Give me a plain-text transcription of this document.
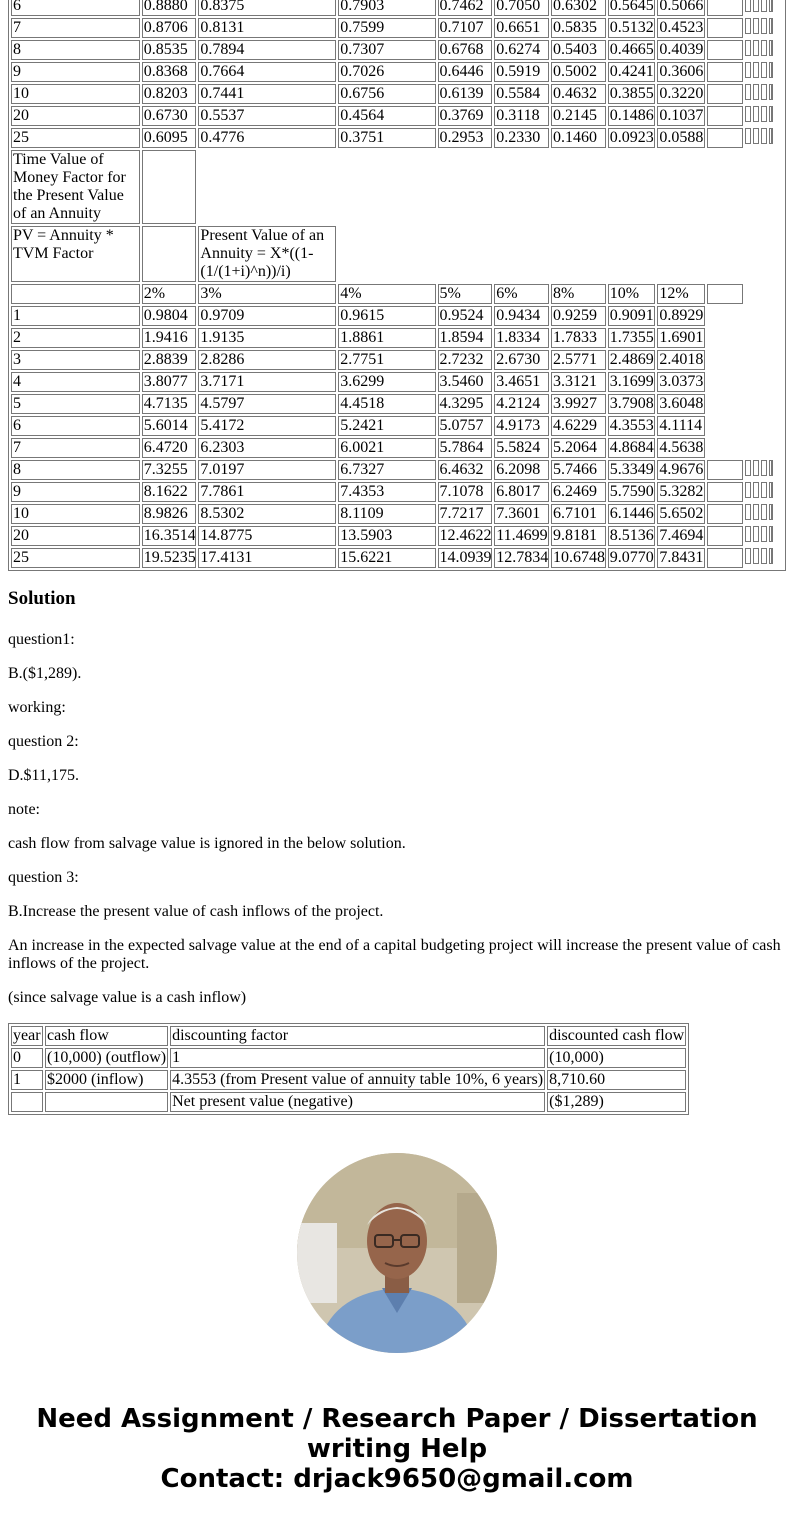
6	0.8880	0.8375	0.7903	0.7462	0.7050	0.6302	0.5645	0.5066		

7	0.8706	0.8131	0.7599	0.7107	0.6651	0.5835	0.5132	0.4523		

8	0.8535	0.7894	0.7307	0.6768	0.6274	0.5403	0.4665	0.4039		

9	0.8368	0.7664	0.7026	0.6446	0.5919	0.5002	0.4241	0.3606		

10	0.8203	0.7441	0.6756	0.6139	0.5584	0.4632	0.3855	0.3220		

20	0.6730	0.5537	0.4564	0.3769	0.3118	0.2145	0.1486	0.1037		

25	0.6095	0.4776	0.3751	0.2953	0.2330	0.1460	0.0923	0.0588		

Time Value of Money Factor for the Present Value of an Annuity										
PV = Annuity * TVM Factor		Present Value of an Annuity = X*((1-(1/(1+i)^n))/i)								
	2%	3%	4%	5%	6%	8%	10%	12%		
1	0.9804	0.9709	0.9615	0.9524	0.9434	0.9259	0.9091	0.8929		
2	1.9416	1.9135	1.8861	1.8594	1.8334	1.7833	1.7355	1.6901		
3	2.8839	2.8286	2.7751	2.7232	2.6730	2.5771	2.4869	2.4018		
4	3.8077	3.7171	3.6299	3.5460	3.4651	3.3121	3.1699	3.0373		
5	4.7135	4.5797	4.4518	4.3295	4.2124	3.9927	3.7908	3.6048		
6	5.6014	5.4172	5.2421	5.0757	4.9173	4.6229	4.3553	4.1114		
7	6.4720	6.2303	6.0021	5.7864	5.5824	5.2064	4.8684	4.5638		
8	7.3255	7.0197	6.7327	6.4632	6.2098	5.7466	5.3349	4.9676		

9	8.1622	7.7861	7.4353	7.1078	6.8017	6.2469	5.7590	5.3282		

10	8.9826	8.5302	8.1109	7.7217	7.3601	6.7101	6.1446	5.6502		

20	16.3514	14.8775	13.5903	12.4622	11.4699	9.8181	8.5136	7.4694		

25	19.5235	17.4131	15.6221	14.0939	12.7834	10.6748	9.0770	7.8431		
Solution

question1:

B.($1,289).

working:

question 2:

D.$11,175.

note:

cash flow from salvage value is ignored in the below solution.

question 3:

B.Increase the present value of cash inflows of the project.

An increase in the expected salvage value at the end of a capital budgeting project will increase the present value of cash inflows of the project.

(since salvage value is a cash inflow)

year	cash flow	discounting factor	discounted cash flow
0	(10,000) (outflow)	1	(10,000)
1	$2000 (inflow)	4.3553 (from Present value of annuity table 10%, 6 years)	8,710.60
		Net present value (negative)	($1,289)
Need Assignment / Research Paper / Dissertation writing Help
Contact: drjack9650@gmail.com
